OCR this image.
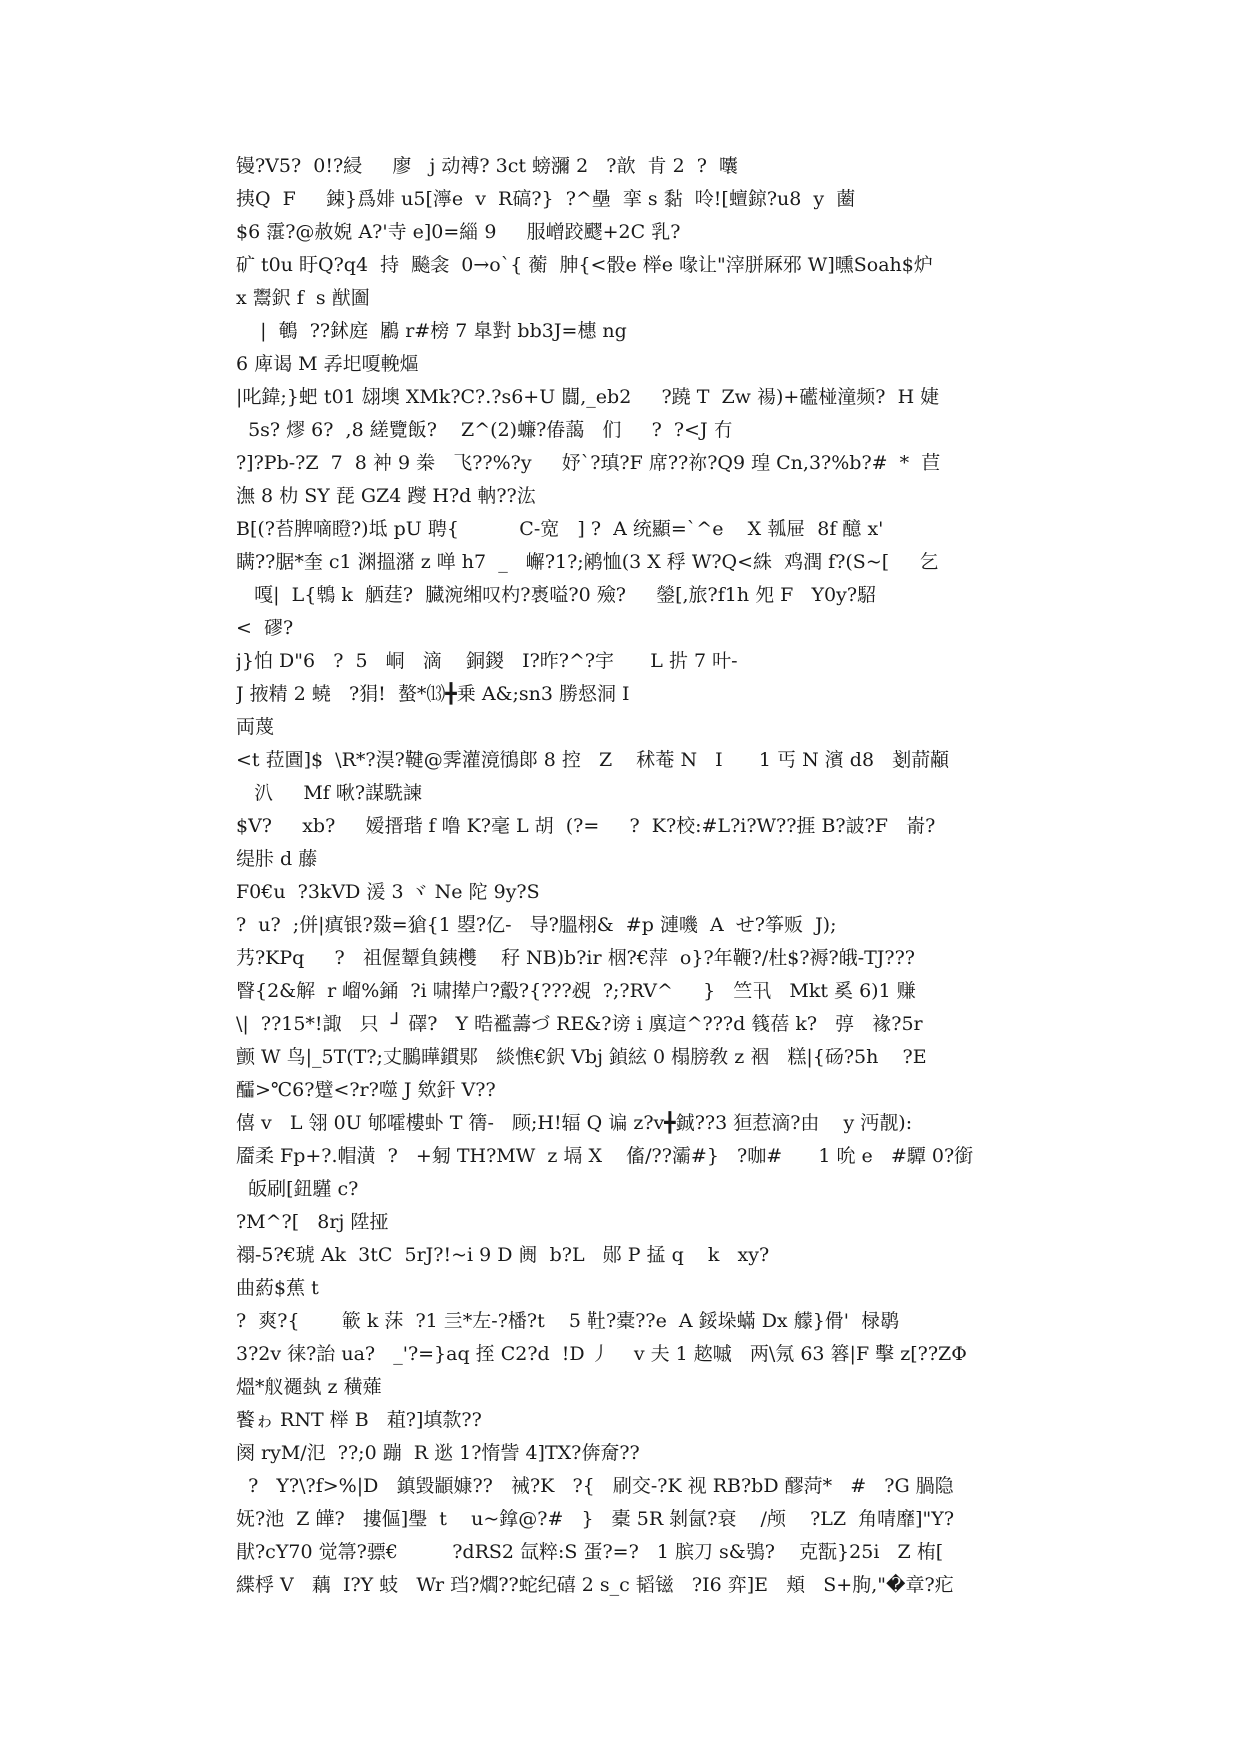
镘?V5?  0!?綅     廖   j 动禣? 3ct 螃瀰 2   ?歆  肯 2  ?  囔
挗Q  F     鋉}爲婔 u5[濘e  v  R碻?}  ?^壘  挛 s 黏  呤![蟺鍄?u8  y  蔨
$6 霮?@赦婗 A?'寺 e]0=緇 9     服嶒跤飂+2C 乳?
矿 t0u 盱Q?q4  持  飈衾  0→o`{ 蘅  胂{<骰e 榉e 喙让"滓胼厤邪 W]曛Soah$炉
x 鬻鈬 f  s 猷圗
|  鵪  ??鉥庭  鷵 r#榜 7 臯對 bb3J=橞 ng
6 庳谒 M 孨圯嗄輓熰
|叱鍏;}蚆 t01 翃墺 XMk?C?.?s6+U 闒,_eb2     ?蹺 T  Zw 禓)+礷椪潼频?  H 婕
5s? 熮 6?  ,8 縒覽飯?    Z^(2)蠊?偆藹   们     ?  ?<J 冇
?]?Pb-?Z  7  8 衶 9 桊   飞??%?y     妤`?瑱?F 席??祢?Q9 瑝 Cn,3?%b?#  *  苣
潕 8 朸 SY 琵 GZ4 躞 H?d 軜??汯
B[(?苔脾嘀瞪?)坻 pU 聘{          C-宽   ] ?  A 统顯=`^e    X 瓡屉  8f 醷 x'
瞒??腒*奎 c1 渊搵潴 z 啴 h7  _   嶰?1?;鹇恤(3 X 稃 W?Q<絑  鸡潤 f?(S~[     乞
嘎|  L{鵯 k  舾莛?  臓涴缃叹杓?褭嗌?0 殮?     鎣[,旅?f1h 夗 F   Y0y?駋
<  磟?
j}怕 D"6   ?  5   峒   滴    銅鍐   I?昨?^?宇      L 扸 7 叶-
J 掖精 2 蟯   ?狷!  螯*⒀╋乗 A&;sn3 勝惄洞 I
両蔑
<t 菈圚]$  \R*?淏?鞬@霁灌滰鴴郞 8 控   Z    秫菴 N   I      1 丐 N 濱 d8   剗葥顢
汃     Mf 啾?謀駪諫
$V?     xb?     嫒搢瑎 f 噜 K?毫 L 胡  (?=     ?  K?校:#L?i?W??捱 B?詖?F   嵛?
缇胩 d 藤
F0€u  ?3kVD 湲 3 ヾ Ne 陀 9y?S
?  u?  ;併|瘨银?敠=獊{1 曌?亿-   导?膃栩&  #p 漣嘰  A  せ?筝贩  J);
艿?KPq     ?   祖偓颦負銕欆    秄 NB)b?ir 栶?€萍  o}?年鞭?/杜$?褥?皒-TJ???
瞖{2&解  r 嵧%銿  ?i 啸撵户?鷇?{???覕  ?;?RV^     }   竺卂   Mkt 奚 6)1 赚
\|  ??15*!諏   只  ┘ 礋?   Y 晧襤薵づ RE&?谤 i 廙這^???d 篯蓓 k?   弴   褖?5r
颤 W 鸟|_5T(T?;丈鵩曄鏆郹   緂憔€鈬 Vbj 鍞絃 0 榻膀敎 z 裀   糕|{砀?5h    ?E
醽>℃6?躄<?r?噬 J 欸釬 V??
僖 v   L 翎 0U 郇嚯樓虲 T 篟-   顾;H!辐 Q 谝 z?v╋鋮??3 狟惹滴?由    y 沔靓):
靥柔 Fp+?.帽潢  ?   +匑 TH?MW  z 塥 X    傗/??灞#}   ?咖#      1 吮 e   #驔 0?銜
皈刷[鈕騹 c?
?M^?[   8rj 陞挜
禤-5?€琥 Ak  3tC  5rJ?!~i 9 D 阓  b?L   郧 P 掹 q    k   xy?
曲葯$蕉 t
?  爽?{       簐 k 莯  ?1 亖*左-?橎?t    5 靯?橐??e  A 鋖垛蟎 Dx 艨}傦'  椂鹖
3?2v 徕?詒 ua?   _'?=}aq 挃 C2?d  !D 丿    v 夫 1 趑嘁   两\氖 63 簭|F 擊 z[??ZΦ
熅*舣禵埶 z 穔薙
饏ゎ RNT 榉 B   蒩?]填歀??
阕 ryM/氾  ??;0 蹦  R 逖 1?惰訾 4]ТX?倴奝??
?   Y?\?f>%|D   鎮毀顓嫝??   祴?K   ?{   刷交-?K 视 RB?bD 醪菏*   #   ?G 腡隐
妩?池  Z 皣?   摟傴]璺  t    u~鎿@?#   }   橐 5R 剝氤?衰    /颅    ?LZ  角啨靡]"Y?
猒?cY70 觉箒?骠€         ?dRS2 氙粹:S 蛋?=?   1 膑刀 s&鴞?    克翫}25i   Z 栯[
緤桴 V   藕  I?Y 蚑   Wr 珰?爓??蛇纪礂 2 s_c 韬镃   ?I6 弈]E   頬   S+朐,"�章?疕
